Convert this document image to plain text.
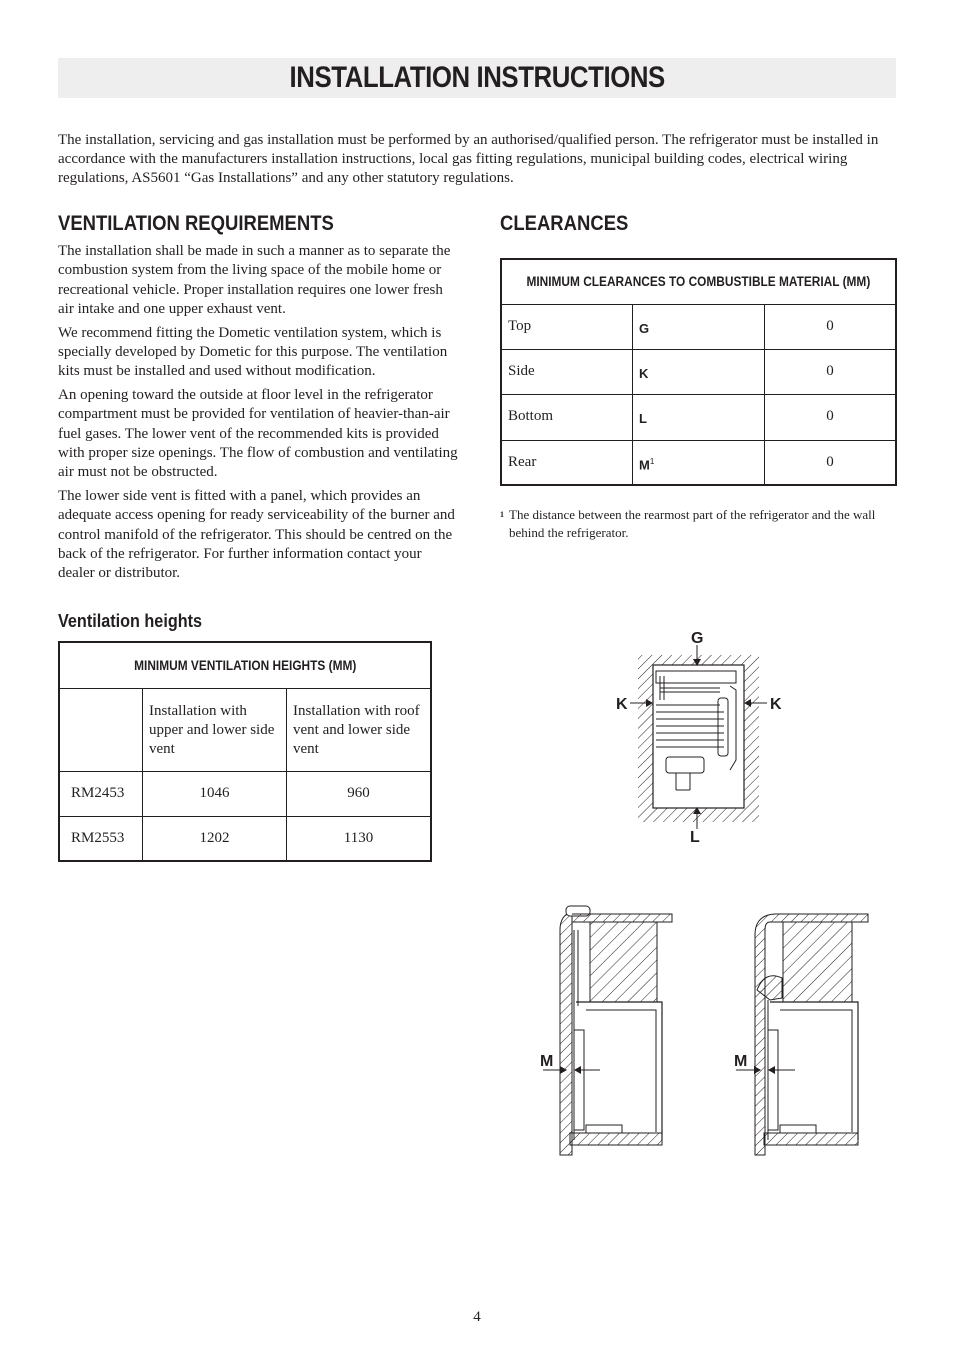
INSTALLATION INSTRUCTIONS

The installation, servicing and gas installation must be performed by an authorised/qualified person. The refrigerator must be installed in accordance with the manufacturers installation instructions, local gas fitting regulations, municipal building codes, electrical wiring regulations, AS5601 “Gas Installations” and any other statutory regulations.

VENTILATION REQUIREMENTS

The installation shall be made in such a manner as to separate the combustion system from the living space of the mobile home or recreational vehicle. Proper installation requires one lower fresh air intake and one upper exhaust vent.

We recommend fitting the Dometic ventilation system, which is specially developed by Dometic for this purpose. The ventilation kits must be installed and used without modification.

An opening toward the outside at floor level in the refrigerator compartment must be provided for ventilation of heavier-than-air fuel gases. The lower vent of the recommended kits is provided with proper size openings. The flow of combustion and ventilating air must not be obstructed.

The lower side vent is fitted with a panel, which provides an adequate access opening for ready serviceability of the burner and control manifold of the refrigerator. This should be centred on the back of the refrigerator. For further information contact your dealer or distributor.

Ventilation heights
MINIMUM VENTILATION HEIGHTS (MM)		
	Installation with upper and lower side vent	Installation with roof vent and lower side vent
RM2453	1046	960
RM2553	1202	1130
CLEARANCES
MINIMUM CLEARANCES TO COMBUSTIBLE MATERIAL (MM)		
Top	G	0
Side	K	0
Bottom	L	0
Rear	$M^1$	0
$^1$ The distance between the rearmost part of the refrigerator and the wall behind the refrigerator.
G
K	K
L
M	M
4
